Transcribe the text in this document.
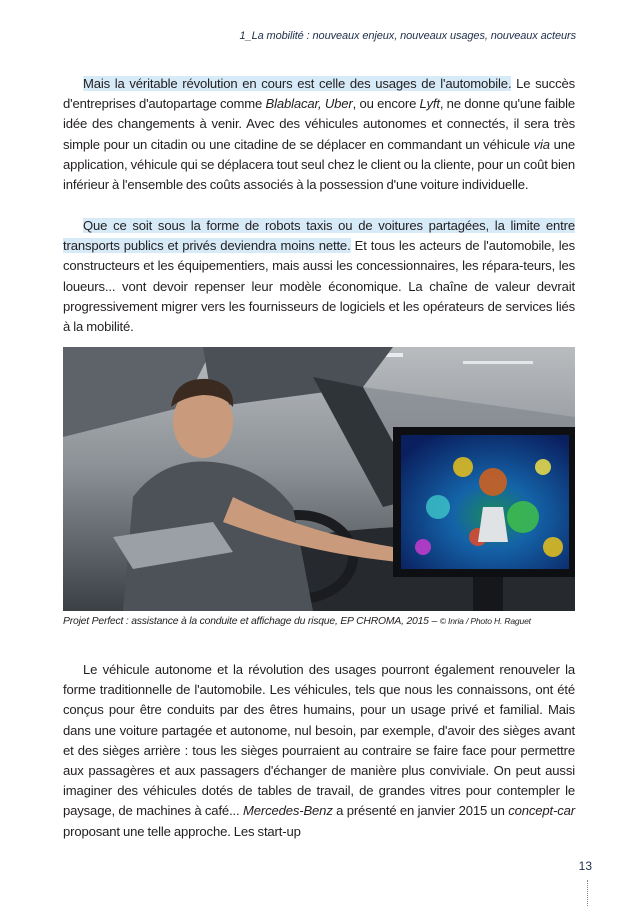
1_La mobilité : nouveaux enjeux, nouveaux usages, nouveaux acteurs

Mais la véritable révolution en cours est celle des usages de l'automobile. Le succès d'entreprises d'autopartage comme Blablacar, Uber, ou encore Lyft, ne donne qu'une faible idée des changements à venir. Avec des véhicules autonomes et connectés, il sera très simple pour un citadin ou une citadine de se déplacer en commandant un véhicule via une application, véhicule qui se déplacera tout seul chez le client ou la cliente, pour un coût bien inférieur à l'ensemble des coûts associés à la possession d'une voiture individuelle.

Que ce soit sous la forme de robots taxis ou de voitures partagées, la limite entre transports publics et privés deviendra moins nette. Et tous les acteurs de l'automobile, les constructeurs et les équipementiers, mais aussi les concessionnaires, les répara-teurs, les loueurs... vont devoir repenser leur modèle économique. La chaîne de valeur devrait progressivement migrer vers les fournisseurs de logiciels et les opérateurs de services liés à la mobilité.

Projet Perfect : assistance à la conduite et affichage du risque, EP CHROMA, 2015 – © Inria / Photo H. Raguet

Le véhicule autonome et la révolution des usages pourront également renouveler la forme traditionnelle de l'automobile. Les véhicules, tels que nous les connaissons, ont été conçus pour être conduits par des êtres humains, pour un usage privé et familial. Mais dans une voiture partagée et autonome, nul besoin, par exemple, d'avoir des sièges avant et des sièges arrière : tous les sièges pourraient au contraire se faire face pour permettre aux passagères et aux passagers d'échanger de manière plus conviviale. On peut aussi imaginer des véhicules dotés de tables de travail, de grandes vitres pour contempler le paysage, de machines à café... Mercedes-Benz a présenté en janvier 2015 un concept-car proposant une telle approche. Les start-up

13
